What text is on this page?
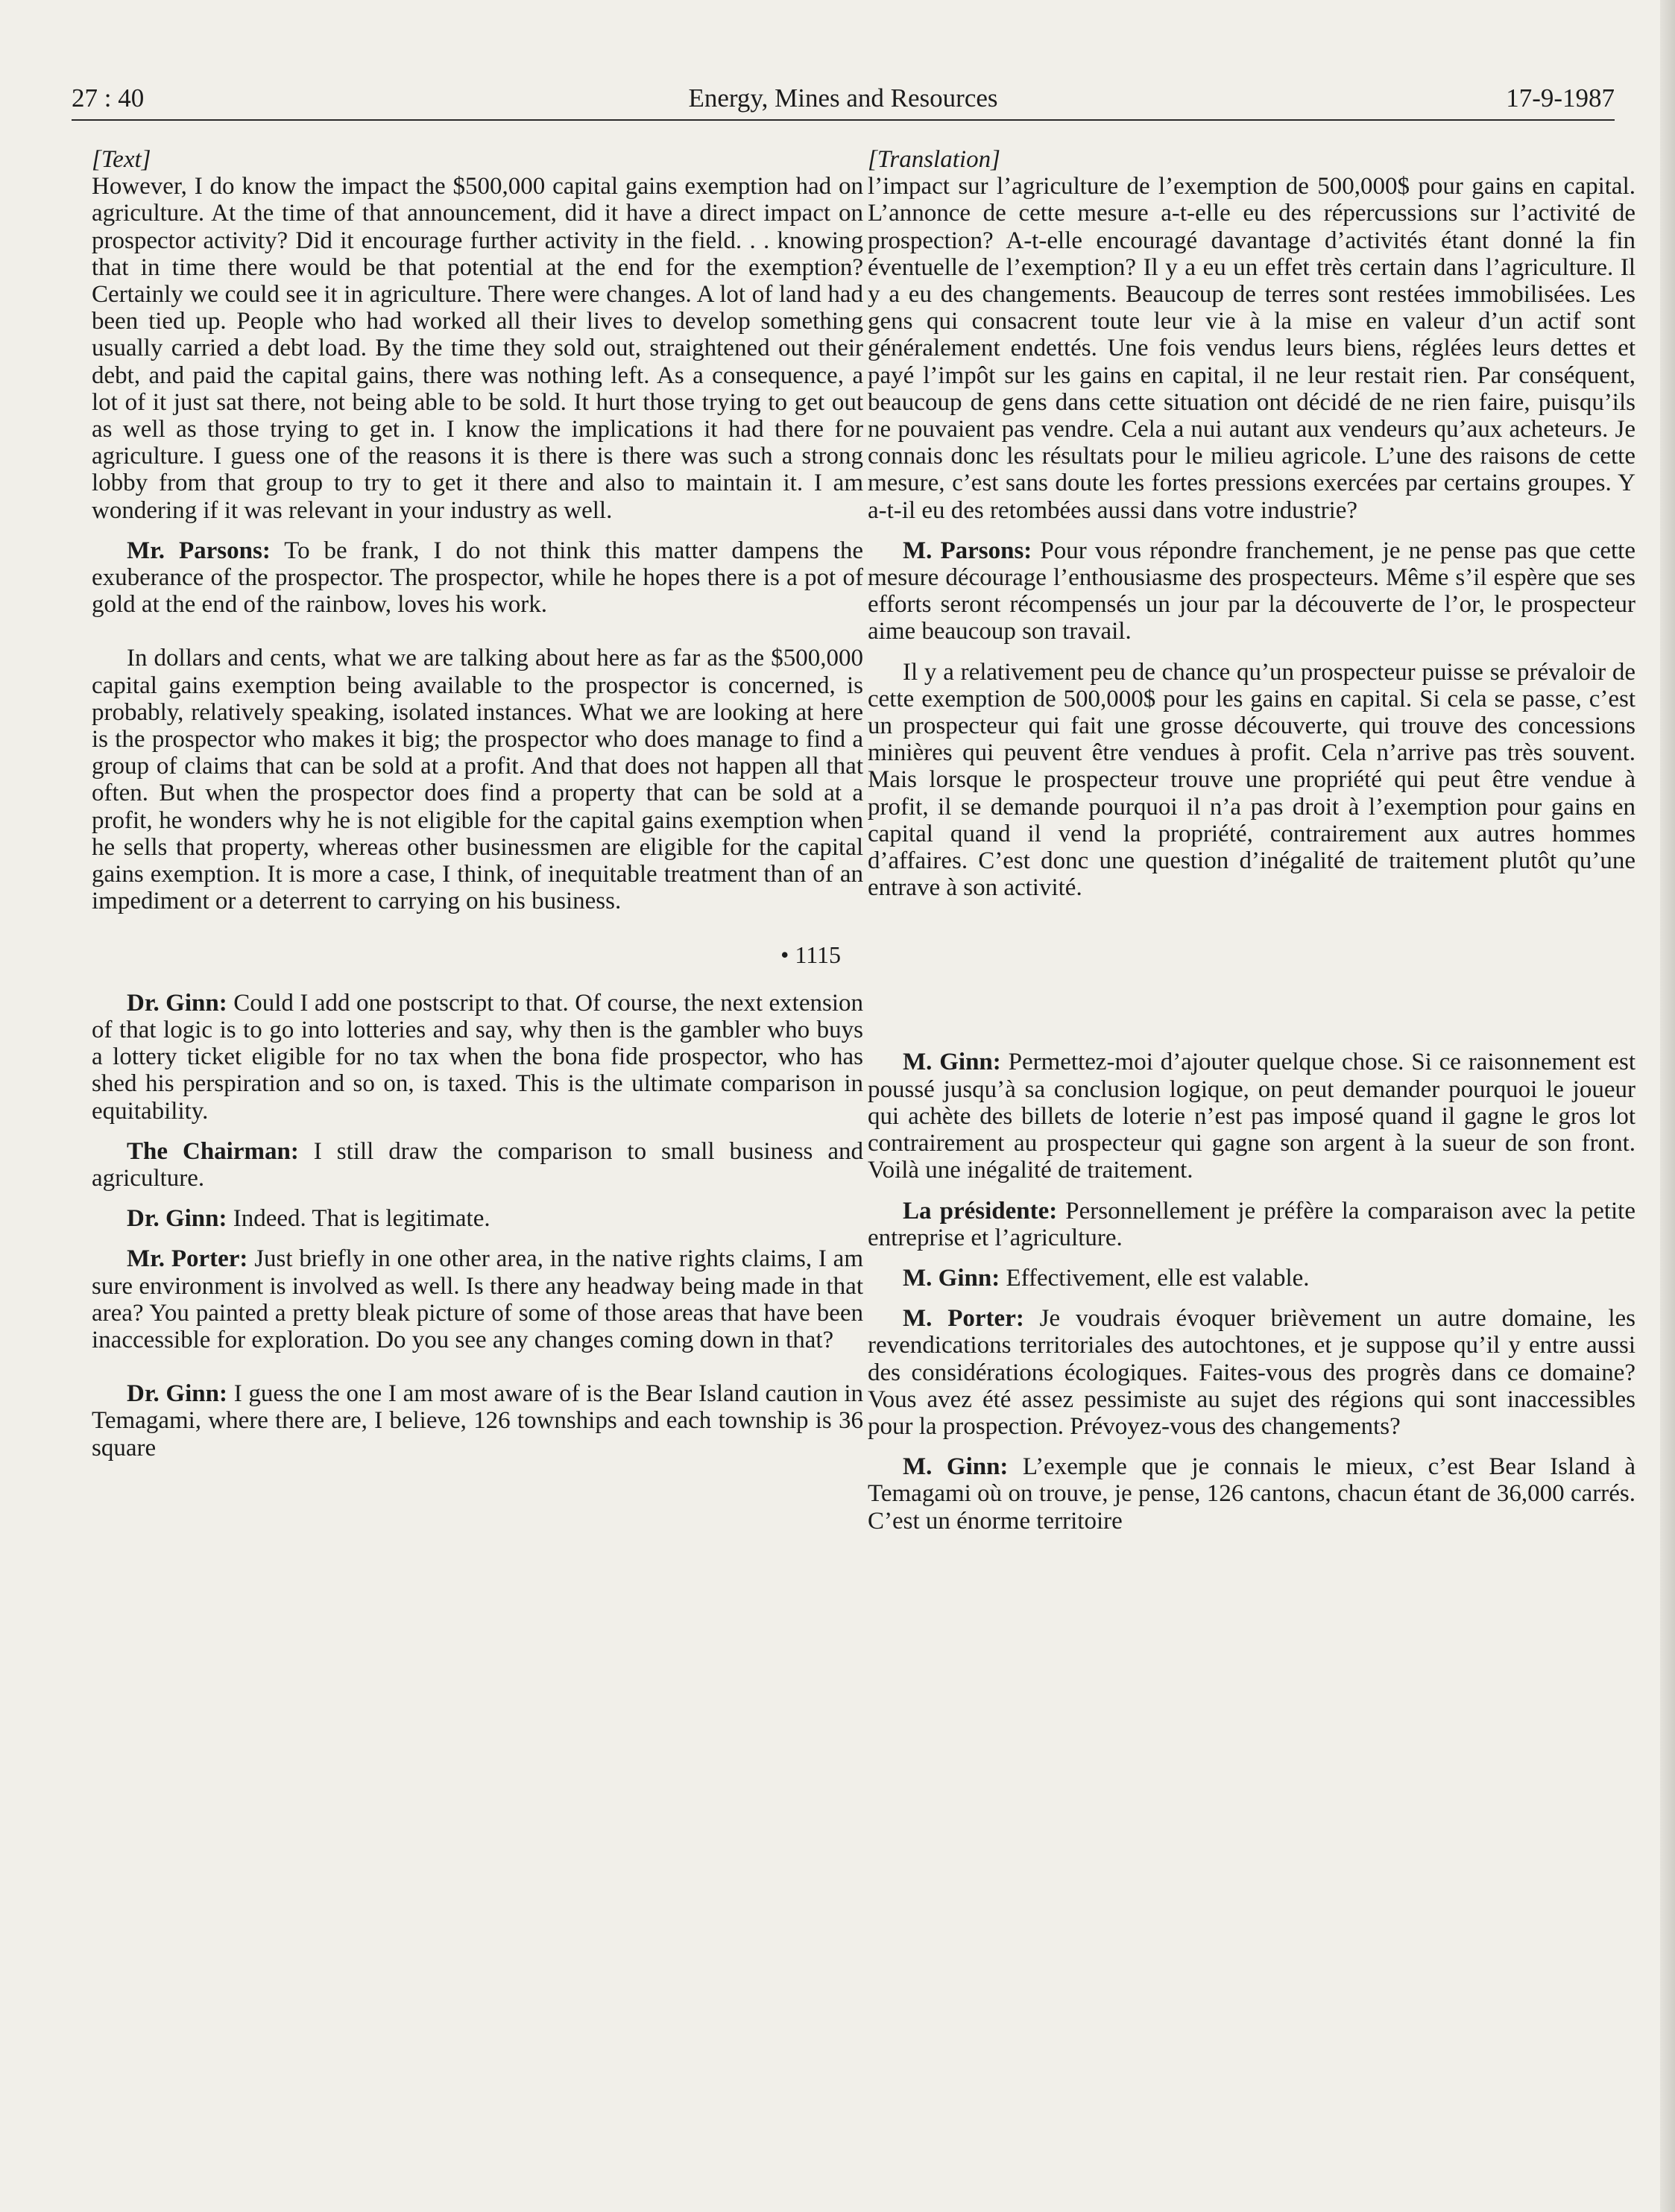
27 : 40	Energy, Mines and Resources	17-9-1987

[Text]

However, I do know the impact the $500,000 capital gains exemption had on agriculture. At the time of that announcement, did it have a direct impact on prospector activity? Did it encourage further activity in the field. . . knowing that in time there would be that potential at the end for the exemption? Certainly we could see it in agriculture. There were changes. A lot of land had been tied up. People who had worked all their lives to develop something usually carried a debt load. By the time they sold out, straightened out their debt, and paid the capital gains, there was nothing left. As a consequence, a lot of it just sat there, not being able to be sold. It hurt those trying to get out as well as those trying to get in. I know the implications it had there for agriculture. I guess one of the reasons it is there is there was such a strong lobby from that group to try to get it there and also to maintain it. I am wondering if it was relevant in your industry as well.

Mr. Parsons: To be frank, I do not think this matter dampens the exuberance of the prospector. The prospector, while he hopes there is a pot of gold at the end of the rainbow, loves his work.

In dollars and cents, what we are talking about here as far as the $500,000 capital gains exemption being available to the prospector is concerned, is probably, relatively speaking, isolated instances. What we are looking at here is the prospector who makes it big; the prospector who does manage to find a group of claims that can be sold at a profit. And that does not happen all that often. But when the prospector does find a property that can be sold at a profit, he wonders why he is not eligible for the capital gains exemption when he sells that property, whereas other businessmen are eligible for the capital gains exemption. It is more a case, I think, of inequitable treatment than of an impediment or a deterrent to carrying on his business.

• 1115

Dr. Ginn: Could I add one postscript to that. Of course, the next extension of that logic is to go into lotteries and say, why then is the gambler who buys a lottery ticket eligible for no tax when the bona fide prospector, who has shed his perspiration and so on, is taxed. This is the ultimate comparison in equitability.

The Chairman: I still draw the comparison to small business and agriculture.

Dr. Ginn: Indeed. That is legitimate.

Mr. Porter: Just briefly in one other area, in the native rights claims, I am sure environment is involved as well. Is there any headway being made in that area? You painted a pretty bleak picture of some of those areas that have been inaccessible for exploration. Do you see any changes coming down in that?

Dr. Ginn: I guess the one I am most aware of is the Bear Island caution in Temagami, where there are, I believe, 126 townships and each township is 36 square

[Translation]

l’impact sur l’agriculture de l’exemption de 500,000$ pour gains en capital. L’annonce de cette mesure a-t-elle eu des répercussions sur l’activité de prospection? A-t-elle encouragé davantage d’activités étant donné la fin éventuelle de l’exemption? Il y a eu un effet très certain dans l’agriculture. Il y a eu des changements. Beaucoup de terres sont restées immobilisées. Les gens qui consacrent toute leur vie à la mise en valeur d’un actif sont généralement endettés. Une fois vendus leurs biens, réglées leurs dettes et payé l’impôt sur les gains en capital, il ne leur restait rien. Par conséquent, beaucoup de gens dans cette situation ont décidé de ne rien faire, puisqu’ils ne pouvaient pas vendre. Cela a nui autant aux vendeurs qu’aux acheteurs. Je connais donc les résultats pour le milieu agricole. L’une des raisons de cette mesure, c’est sans doute les fortes pressions exercées par certains groupes. Y a-t-il eu des retombées aussi dans votre industrie?

M. Parsons: Pour vous répondre franchement, je ne pense pas que cette mesure décourage l’enthousiasme des prospecteurs. Même s’il espère que ses efforts seront récompensés un jour par la découverte de l’or, le prospecteur aime beaucoup son travail.

Il y a relativement peu de chance qu’un prospecteur puisse se prévaloir de cette exemption de 500,000$ pour les gains en capital. Si cela se passe, c’est un prospecteur qui fait une grosse découverte, qui trouve des concessions minières qui peuvent être vendues à profit. Cela n’arrive pas très souvent. Mais lorsque le prospecteur trouve une propriété qui peut être vendue à profit, il se demande pourquoi il n’a pas droit à l’exemption pour gains en capital quand il vend la propriété, contrairement aux autres hommes d’affaires. C’est donc une question d’inégalité de traitement plutôt qu’une entrave à son activité.

M. Ginn: Permettez-moi d’ajouter quelque chose. Si ce raisonnement est poussé jusqu’à sa conclusion logique, on peut demander pourquoi le joueur qui achète des billets de loterie n’est pas imposé quand il gagne le gros lot contrairement au prospecteur qui gagne son argent à la sueur de son front. Voilà une inégalité de traitement.

La présidente: Personnellement je préfère la comparaison avec la petite entreprise et l’agriculture.

M. Ginn: Effectivement, elle est valable.

M. Porter: Je voudrais évoquer brièvement un autre domaine, les revendications territoriales des autochtones, et je suppose qu’il y entre aussi des considérations écologiques. Faites-vous des progrès dans ce domaine? Vous avez été assez pessimiste au sujet des régions qui sont inaccessibles pour la prospection. Prévoyez-vous des changements?

M. Ginn: L’exemple que je connais le mieux, c’est Bear Island à Temagami où on trouve, je pense, 126 cantons, chacun étant de 36,000 carrés. C’est un énorme territoire
